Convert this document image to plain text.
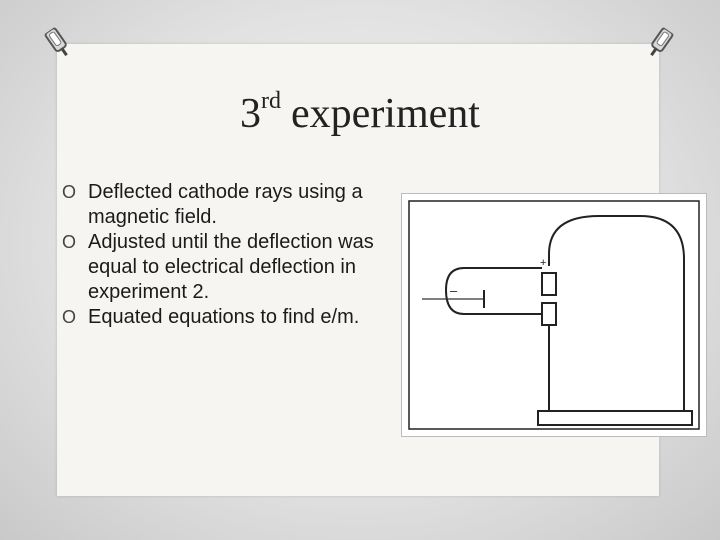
3rd experiment
O Deflected cathode rays using a magnetic field.
O Adjusted until the deflection was equal to electrical deflection in experiment 2.
O Equated equations to find e/m.
+
–
